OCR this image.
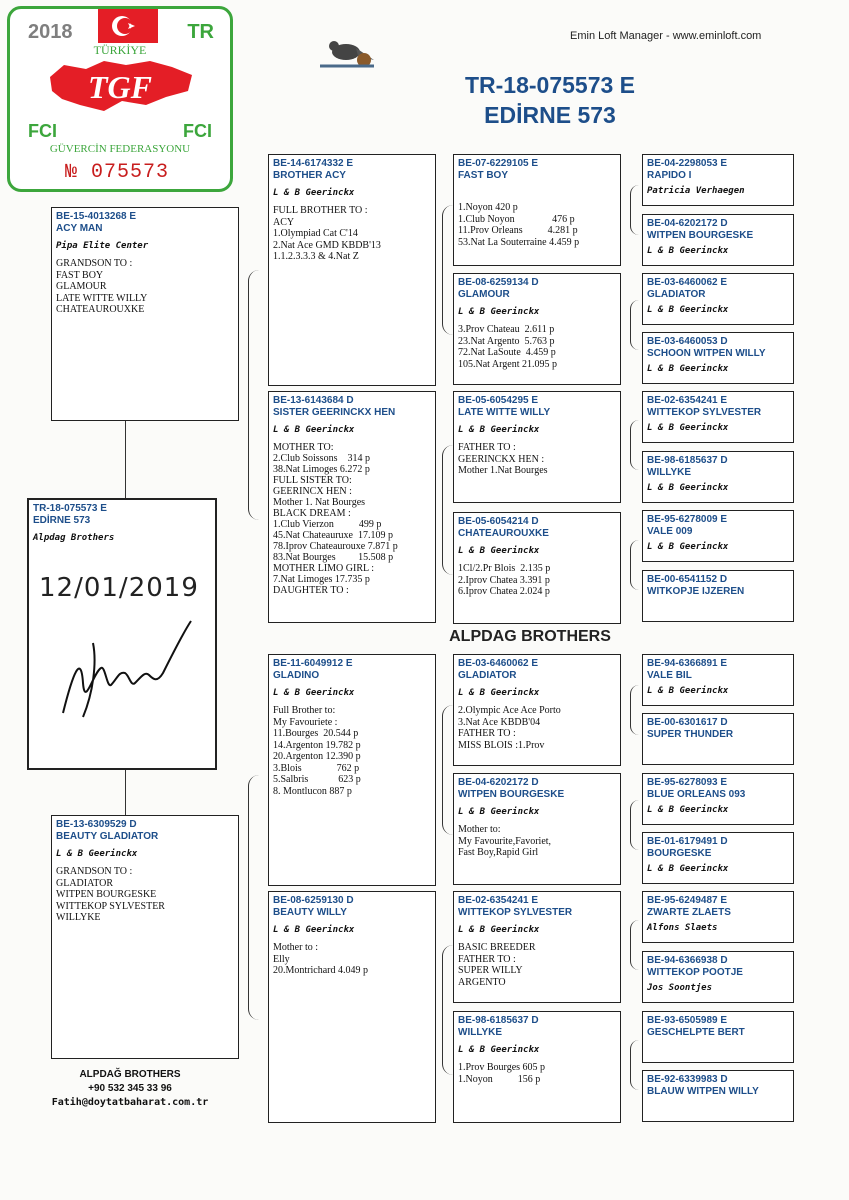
2018	TR
TÜRKİYE
TGF
FCI	FCI
GÜVERCİN FEDERASYONU
№ 075573
Emin Loft Manager - www.eminloft.com
TR-18-075573 E
EDİRNE 573
TR-18-075573 E
EDİRNE 573
Alpdag Brothers
12/01/2019
BE-15-4013268 E
ACY MAN
Pipa Elite Center
GRANDSON TO :
FAST BOY
GLAMOUR
LATE WITTE WILLY
CHATEAUROUXKE
BE-13-6309529 D
BEAUTY GLADIATOR
L & B Geerinckx
GRANDSON TO :
GLADIATOR
WITPEN BOURGESKE
WITTEKOP SYLVESTER
WILLYKE
BE-14-6174332 E
BROTHER ACY
L & B Geerinckx
FULL BROTHER TO :
ACY
1.Olympiad Cat C'14
2.Nat Ace GMD KBDB'13
1.1.2.3.3.3 & 4.Nat Z
BE-13-6143684 D
SISTER GEERINCKX HEN
L & B Geerinckx
MOTHER TO:
2.Club Soissons    314 p
38.Nat Limoges 6.272 p
FULL SISTER TO:
GEERINCX HEN :
Mother 1. Nat Bourges
BLACK DREAM :
1.Club Vierzon          499 p
45.Nat Chateauruxe  17.109 p
78.Iprov Chateaurouxe 7.871 p
83.Nat Bourges         15.508 p
MOTHER LIMO GIRL :
7.Nat Limoges 17.735 p
DAUGHTER TO :
BE-11-6049912 E
GLADINO
L & B Geerinckx
Full Brother to:
My Favouriete :
11.Bourges  20.544 p
14.Argenton 19.782 p
20.Argenton 12.390 p
3.Blois              762 p
5.Salbris            623 p
8. Montlucon 887 p
BE-08-6259130 D
BEAUTY WILLY
L & B Geerinckx
Mother to :
Elly
20.Montrichard 4.049 p
ALPDAG BROTHERS
BE-07-6229105 E
FAST BOY
1.Noyon 420 p
1.Club Noyon               476 p
11.Prov Orleans          4.281 p
53.Nat La Souterraine 4.459 p
BE-08-6259134 D
GLAMOUR
L & B Geerinckx
3.Prov Chateau  2.611 p
23.Nat Argento  5.763 p
72.Nat LaSoute  4.459 p
105.Nat Argent 21.095 p
BE-05-6054295 E
LATE WITTE WILLY
L & B Geerinckx
FATHER TO :
GEERINCKX HEN :
Mother 1.Nat Bourges
BE-05-6054214 D
CHATEAUROUXKE
L & B Geerinckx
1Cl/2.Pr Blois  2.135 p
2.Iprov Chatea 3.391 p
6.Iprov Chatea 2.024 p
BE-03-6460062 E
GLADIATOR
L & B Geerinckx
2.Olympic Ace Ace Porto
3.Nat Ace KBDB'04
FATHER TO :
MISS BLOIS :1.Prov
BE-04-6202172 D
WITPEN BOURGESKE
L & B Geerinckx
Mother to:
My Favourite,Favoriet,
Fast Boy,Rapid Girl
BE-02-6354241 E
WITTEKOP SYLVESTER
L & B Geerinckx
BASIC BREEDER
FATHER TO :
SUPER WILLY
ARGENTO
BE-98-6185637 D
WILLYKE
L & B Geerinckx
1.Prov Bourges 605 p
1.Noyon          156 p
BE-04-2298053 E
RAPIDO I
Patricia Verhaegen
BE-04-6202172 D
WITPEN BOURGESKE
L & B Geerinckx
BE-03-6460062 E
GLADIATOR
L & B Geerinckx
BE-03-6460053 D
SCHOON WITPEN WILLY
L & B Geerinckx
BE-02-6354241 E
WITTEKOP SYLVESTER
L & B Geerinckx
BE-98-6185637 D
WILLYKE
L & B Geerinckx
BE-95-6278009 E
VALE 009
L & B Geerinckx
BE-00-6541152 D
WITKOPJE IJZEREN
BE-94-6366891 E
VALE BIL
L & B Geerinckx
BE-00-6301617 D
SUPER THUNDER
BE-95-6278093 E
BLUE ORLEANS 093
L & B Geerinckx
BE-01-6179491 D
BOURGESKE
L & B Geerinckx
BE-95-6249487 E
ZWARTE ZLAETS
Alfons Slaets
BE-94-6366938 D
WITTEKOP POOTJE
Jos Soontjes
BE-93-6505989 E
GESCHELPTE BERT
BE-92-6339983 D
BLAUW WITPEN WILLY
ALPDAĞ BROTHERS
+90 532 345 33 96
Fatih@doytatbaharat.com.tr
